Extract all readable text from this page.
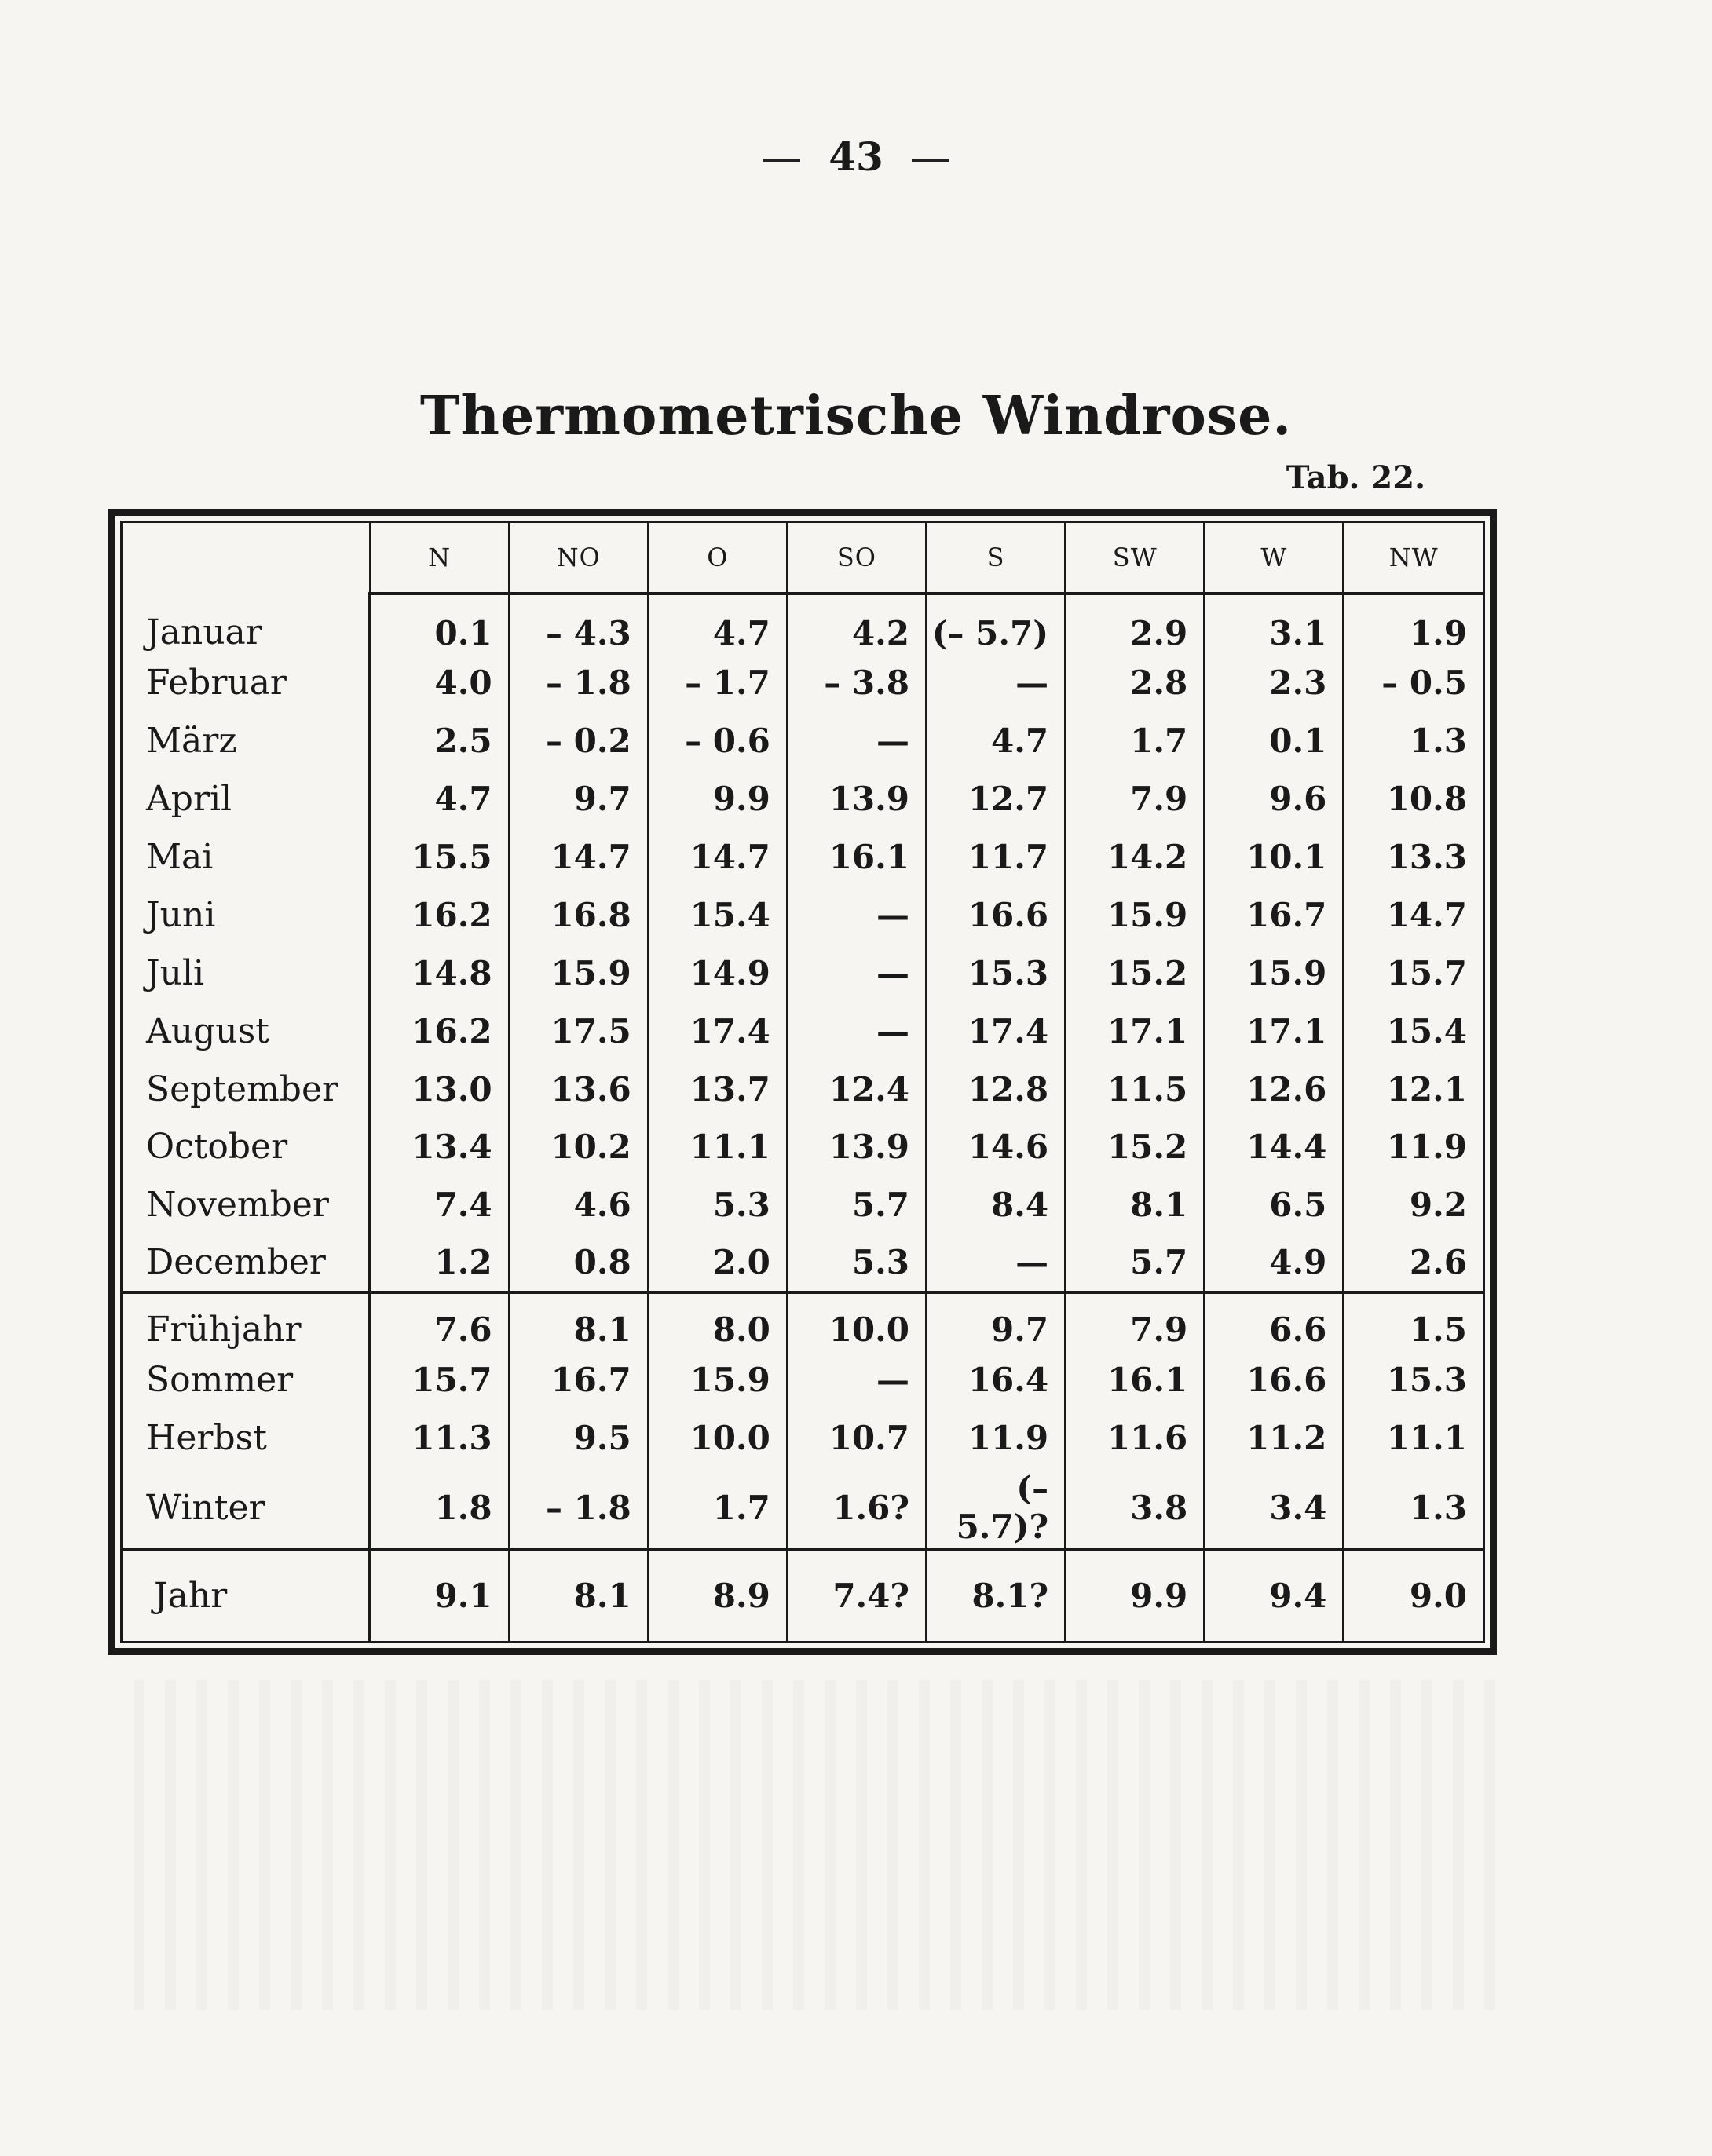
43
Thermometrische Windrose.
Tab. 22.
	N	NO	O	SO	S	SW	W	NW
Januar	0.1	– 4.3	4.7	4.2	(– 5.7)	2.9	3.1	1.9
Februar	4.0	– 1.8	– 1.7	– 3.8	—	2.8	2.3	– 0.5
März	2.5	– 0.2	– 0.6	—	4.7	1.7	0.1	1.3
April	4.7	9.7	9.9	13.9	12.7	7.9	9.6	10.8
Mai	15.5	14.7	14.7	16.1	11.7	14.2	10.1	13.3
Juni	16.2	16.8	15.4	—	16.6	15.9	16.7	14.7
Juli	14.8	15.9	14.9	—	15.3	15.2	15.9	15.7
August	16.2	17.5	17.4	—	17.4	17.1	17.1	15.4
September	13.0	13.6	13.7	12.4	12.8	11.5	12.6	12.1
October	13.4	10.2	11.1	13.9	14.6	15.2	14.4	11.9
November	7.4	4.6	5.3	5.7	8.4	8.1	6.5	9.2
December	1.2	0.8	2.0	5.3	—	5.7	4.9	2.6
Frühjahr	7.6	8.1	8.0	10.0	9.7	7.9	6.6	1.5
Sommer	15.7	16.7	15.9	—	16.4	16.1	16.6	15.3
Herbst	11.3	9.5	10.0	10.7	11.9	11.6	11.2	11.1
Winter	1.8	– 1.8	1.7	1.6?	(– 5.7)?	3.8	3.4	1.3
Jahr	9.1	8.1	8.9	7.4?	8.1?	9.9	9.4	9.0
